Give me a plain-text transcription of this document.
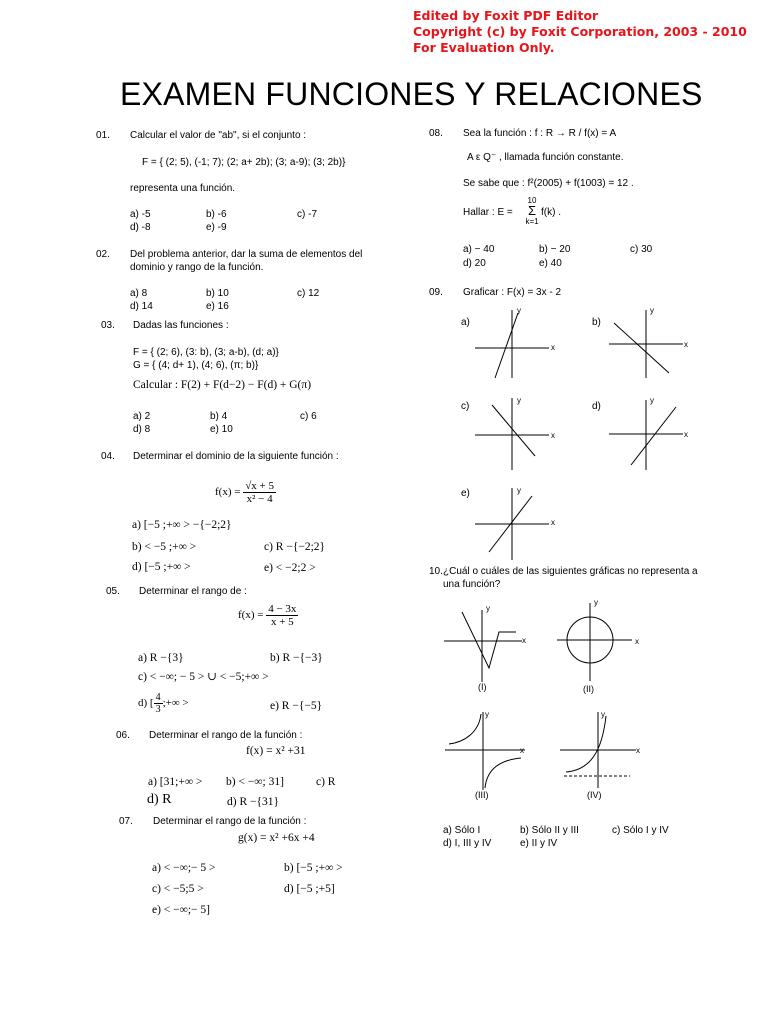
Edited by Foxit PDF Editor
Copyright (c) by Foxit Corporation, 2003 - 2010
For Evaluation Only.
EXAMEN FUNCIONES Y RELACIONES
01. Calcular el valor de "ab", si el conjunto :
F = { (2; 5), (-1; 7); (2; a+ 2b); (3; a-9); (3; 2b)}
representa una función.
a) -5	b) -6	c) -7
d) -8	e) -9
02. Del problema anterior, dar la suma de elementos del
dominio y rango de la función.
a) 8	b) 10	c) 12
d) 14	e) 16
03. Dadas las funciones :
F = { (2; 6), (3: b), (3; a-b), (d; a)}
G = { (4; d+ 1), (4; 6), (π; b)}
Calcular : F(2) + F(d−2) − F(d) + G(π)
a) 2	b) 4	c) 6
d) 8	e) 10
04. Determinar el dominio de la siguiente función :
$f(x) = \frac{√x + 5}{\text{x² − 4}}$
a) [−5 ;+∞ > −{−2;2}
b) < −5 ;+∞ >	c) R −{−2;2}
d) [−5 ;+∞ >	e) < −2;2 >
05. Determinar el rango de :
$f(x) = \frac{4 - 3x}{x + 5}$
a) R −{3}	b) R −{−3}
c) < −∞; − 5 > ∪ < −5;+∞ >
d) [ $\frac{4}{3}$ ;+∞ >	e) R −{−5}
06. Determinar el rango de la función :
f(x) = x² +31
a) [31;+∞ > b) < −∞; 31]	c) R
d) R	d) R −{31}
07. Determinar el rango de la función :
g(x) = x² +6x +4
a) < −∞;− 5 >	b) [−5 ;+∞ >
c) < −5;5 >	d) [−5 ;+5]
e) < −∞;− 5]
08. Sea la función : f : R → R / f(x) = A
A ε Q⁻ , llamada función constante.
Se sabe que : f²(2005) + f(1003) = 12 .
Hallar : E =
10
Σ
k=1
f(k) .
a) − 40	b) − 20	c) 30
d) 20	e) 40
09. Graficar : F(x) = 3x - 2
a)	b)
c)	d)
e)
y
x
y
x
y
x
y
x
y
x
10. ¿Cuál o cuáles de las siguientes gráficas no representa a
una función?
y
x
(I)
y
x
(II)
y
x
(III)
y
x
(IV)
a) Sólo I	b) Sólo II y III	c) Sólo I y IV
d) I, III y IV	e) II y IV
